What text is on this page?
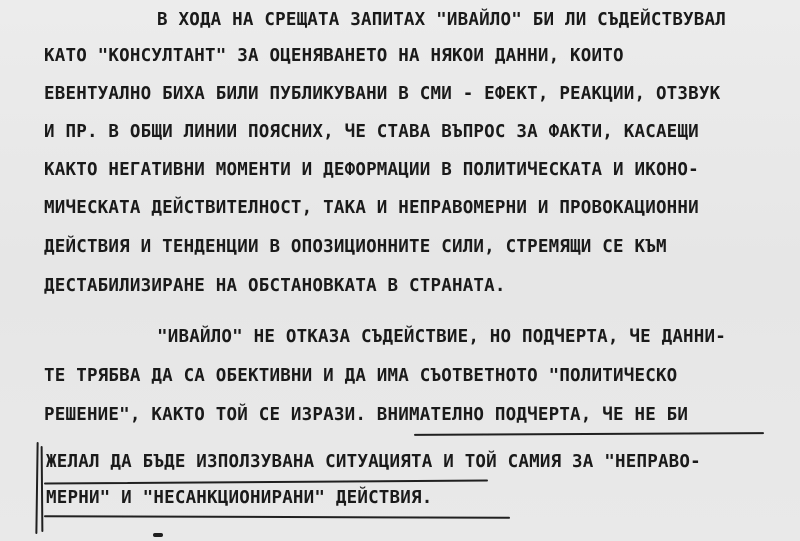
В ХОДА НА СРЕЩАТА ЗАПИТАХ "ИВАЙЛО" БИ ЛИ СЪДЕЙСТВУВАЛ
КАТО "КОНСУЛТАНТ" ЗА ОЦЕНЯВАНЕТО НА НЯКОИ ДАННИ, КОИТО
ЕВЕНТУАЛНО БИХА БИЛИ ПУБЛИКУВАНИ В СМИ - ЕФЕКТ, РЕАКЦИИ, ОТЗВУК
И ПР. В ОБЩИ ЛИНИИ ПОЯСНИХ, ЧЕ СТАВА ВЪПРОС ЗА ФАКТИ, КАСАЕЩИ
КАКТО НЕГАТИВНИ МОМЕНТИ И ДЕФОРМАЦИИ В ПОЛИТИЧЕСКАТА И ИКОНО-
МИЧЕСКАТА ДЕЙСТВИТЕЛНОСТ, ТАКА И НЕПРАВОМЕРНИ И ПРОВОКАЦИОННИ
ДЕЙСТВИЯ И ТЕНДЕНЦИИ В ОПОЗИЦИОННИТЕ СИЛИ, СТРЕМЯЩИ СЕ КЪМ
ДЕСТАБИЛИЗИРАНЕ НА ОБСТАНОВКАТА В СТРАНАТА.
"ИВАЙЛО" НЕ ОТКАЗА СЪДЕЙСТВИЕ, НО ПОДЧЕРТА, ЧЕ ДАННИ-
ТЕ ТРЯБВА ДА СА ОБЕКТИВНИ И ДА ИМА СЪОТВЕТНОТО "ПОЛИТИЧЕСКО
РЕШЕНИЕ", КАКТО ТОЙ СЕ ИЗРАЗИ. ВНИМАТЕЛНО ПОДЧЕРТА, ЧЕ НЕ БИ
ЖЕЛАЛ ДА БЪДЕ ИЗПОЛЗУВАНА СИТУАЦИЯТА И ТОЙ САМИЯ ЗА "НЕПРАВО-
МЕРНИ" И "НЕСАНКЦИОНИРАНИ" ДЕЙСТВИЯ.
